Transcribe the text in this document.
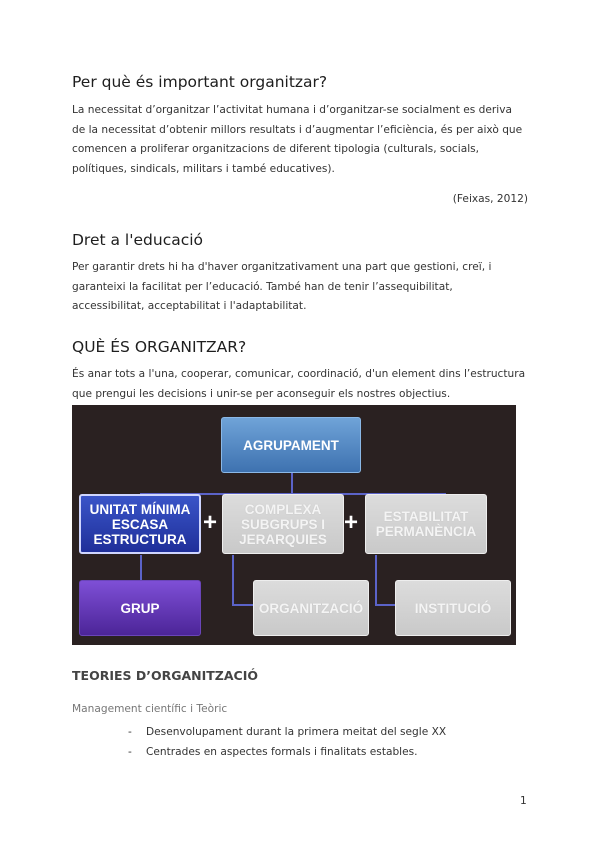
Per què és important organitzar?

La necessitat d’organitzar l’activitat humana i d’organitzar-se socialment es deriva
de la necessitat d’obtenir millors resultats i d’augmentar l’eficiència, és per això que
comencen a proliferar organitzacions de diferent tipologia (culturals, socials,
polítiques, sindicals, militars i també educatives).

(Feixas, 2012)
Dret a l'educació

Per garantir drets hi ha d'haver organitzativament una part que gestioni, creï, i
garanteixi la facilitat per l’educació. També han de tenir l’assequibilitat,
accessibilitat, acceptabilitat i l'adaptabilitat.

QUÈ ÉS ORGANITZAR?

És anar tots a l'una, cooperar, comunicar, coordinació, d'un element dins l’estructura
que prengui les decisions i unir-se per aconseguir els nostres objectius.

AGRUPAMENT
UNITAT MÍNIMA
ESCASA
ESTRUCTURA
+	COMPLEXA
SUBGRUPS I
JERARQUIES
+	ESTABILITAT
PERMANÈNCIA
GRUP	ORGANITZACIÓ	INSTITUCIÓ
TEORIES D’ORGANITZACIÓ
Management científic i Teòric
- Desenvolupament durant la primera meitat del segle XX
- Centrades en aspectes formals i finalitats estables.
1
